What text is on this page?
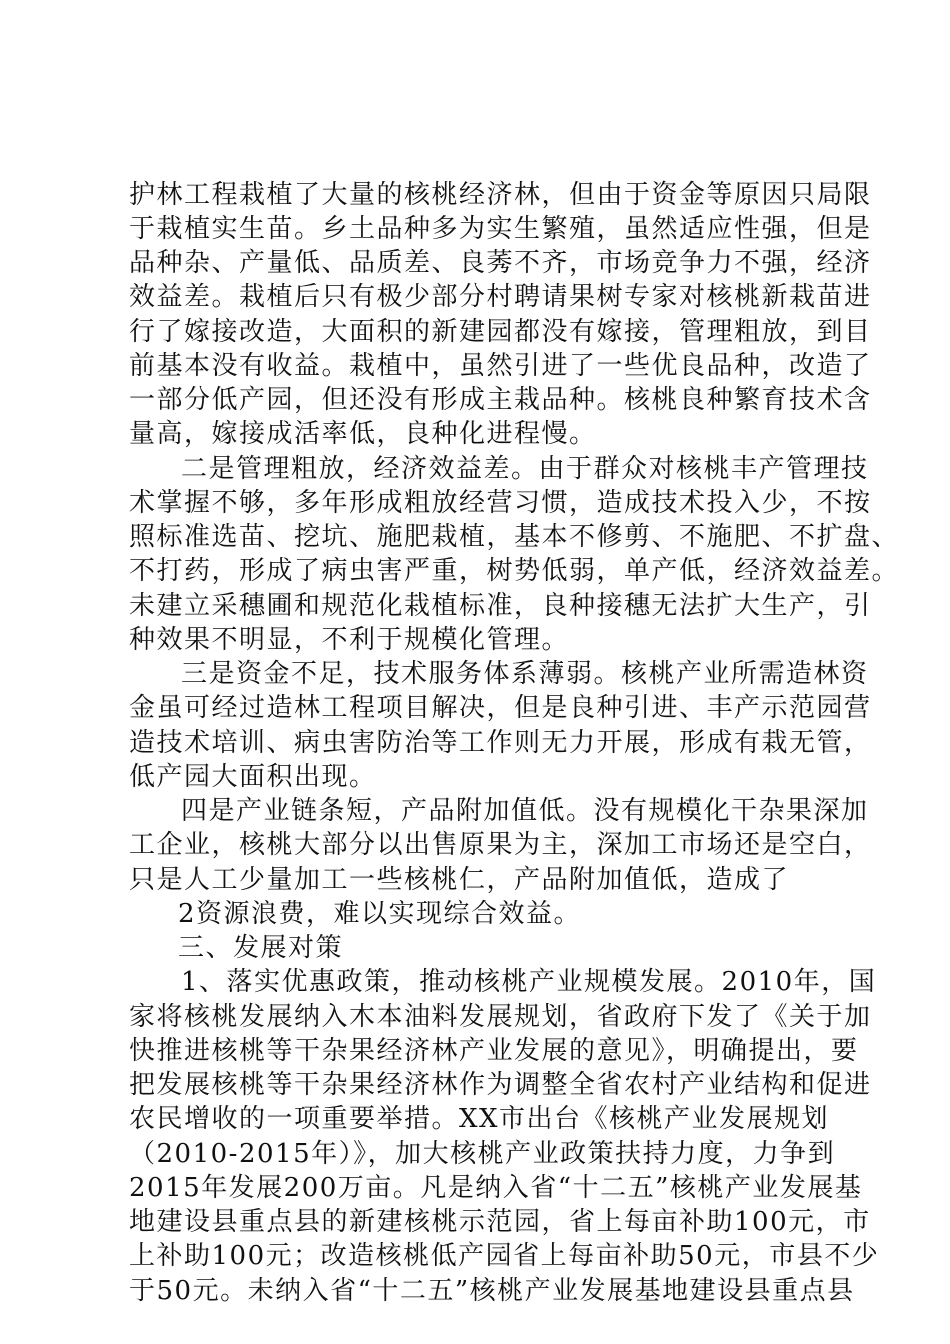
护林工程栽植了大量的核桃经济林，但由于资金等原因只局限
于栽植实生苗。乡土品种多为实生繁殖，虽然适应性强，但是
品种杂、产量低、品质差、良莠不齐，市场竞争力不强，经济
效益差。栽植后只有极少部分村聘请果树专家对核桃新栽苗进
行了嫁接改造，大面积的新建园都没有嫁接，管理粗放，到目
前基本没有收益。栽植中，虽然引进了一些优良品种，改造了
一部分低产园，但还没有形成主栽品种。核桃良种繁育技术含
量高，嫁接成活率低，良种化进程慢。
二是管理粗放，经济效益差。由于群众对核桃丰产管理技
术掌握不够，多年形成粗放经营习惯，造成技术投入少，不按
照标准选苗、挖坑、施肥栽植，基本不修剪、不施肥、不扩盘、
不打药，形成了病虫害严重，树势低弱，单产低，经济效益差。
未建立采穗圃和规范化栽植标准，良种接穗无法扩大生产，引
种效果不明显，不利于规模化管理。
三是资金不足，技术服务体系薄弱。核桃产业所需造林资
金虽可经过造林工程项目解决，但是良种引进、丰产示范园营
造技术培训、病虫害防治等工作则无力开展，形成有栽无管，
低产园大面积出现。
四是产业链条短，产品附加值低。没有规模化干杂果深加
工企业，核桃大部分以出售原果为主，深加工市场还是空白，
只是人工少量加工一些核桃仁，产品附加值低，造成了
2资源浪费，难以实现综合效益。
三、发展对策
1、落实优惠政策，推动核桃产业规模发展。2010年，国
家将核桃发展纳入木本油料发展规划，省政府下发了《关于加
快推进核桃等干杂果经济林产业发展的意见》，明确提出，要
把发展核桃等干杂果经济林作为调整全省农村产业结构和促进
农民增收的一项重要举措。XX市出台《核桃产业发展规划
（2010-2015年）》，加大核桃产业政策扶持力度，力争到
2015年发展200万亩。凡是纳入省“十二五”核桃产业发展基
地建设县重点县的新建核桃示范园，省上每亩补助100元，市
上补助100元；改造核桃低产园省上每亩补助50元，市县不少
于50元。未纳入省“十二五”核桃产业发展基地建设县重点县
